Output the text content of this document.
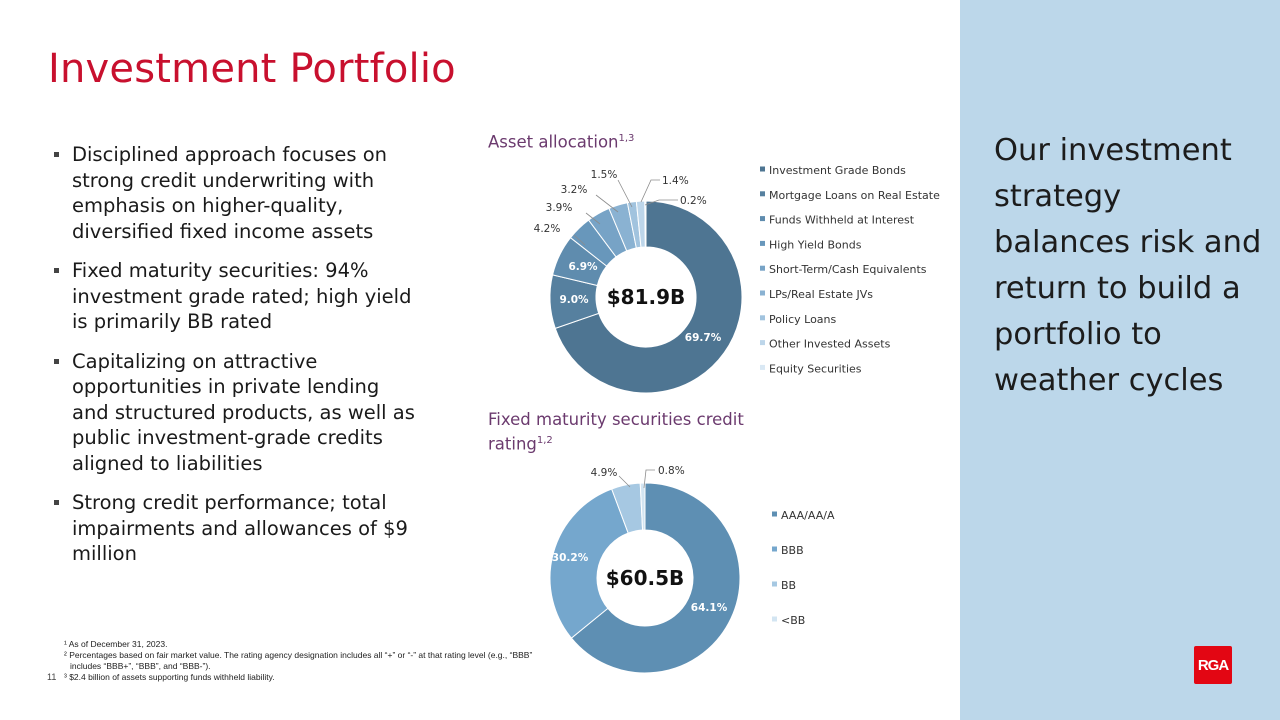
Investment Portfolio
Disciplined approach focuses on strong credit underwriting with emphasis on higher-quality, diversified fixed income assets
Fixed maturity securities: 94% investment grade rated; high yield is primarily BB rated
Capitalizing on attractive opportunities in private lending and structured products, as well as public investment-grade credits aligned to liabilities
Strong credit performance; total impairments and allowances of $9 million
Asset allocation$^{1,3}$
Fixed maturity securities credit rating$^{1,2}$
69.7%
9.0%
6.9%
4.2%
3.9%
3.2%
1.5%	1.4%
0.2%
$81.9B
Investment Grade Bonds
Mortgage Loans on Real Estate
Funds Withheld at Interest
High Yield Bonds
Short-Term/Cash Equivalents
LPs/Real Estate JVs
Policy Loans
Other Invested Assets
Equity Securities
64.1%
30.2%
4.9%	0.8%
$60.5B
AAA/AA/A
BBB
BB
<BB
Our investment strategy balances risk and return to build a portfolio to weather cycles
¹ As of December 31, 2023.
² Percentages based on fair market value. The rating agency designation includes all “+” or “-” at that rating level (e.g., “BBB” includes “BBB+”, “BBB”, and “BBB-”).
³ $2.4 billion of assets supporting funds withheld liability.
11
RGA
